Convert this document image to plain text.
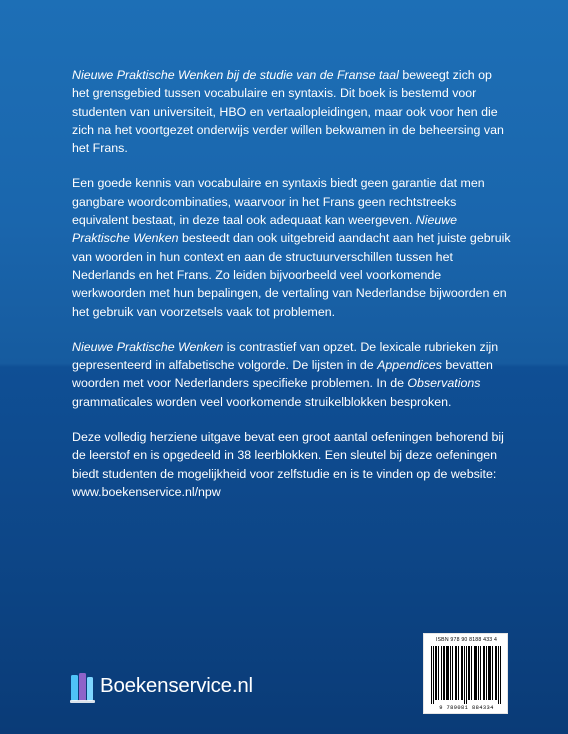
Nieuwe Praktische Wenken bij de studie van de Franse taal beweegt zich op het grensgebied tussen vocabulaire en syntaxis. Dit boek is bestemd voor studenten van universiteit, HBO en vertaalopleidingen, maar ook voor hen die zich na het voortgezet onderwijs verder willen bekwamen in de beheersing van het Frans.

Een goede kennis van vocabulaire en syntaxis biedt geen garantie dat men gangbare woordcombinaties, waarvoor in het Frans geen rechtstreeks equivalent bestaat, in deze taal ook adequaat kan weergeven. Nieuwe Praktische Wenken besteedt dan ook uitgebreid aandacht aan het juiste gebruik van woorden in hun context en aan de structuurverschillen tussen het Nederlands en het Frans. Zo leiden bijvoorbeeld veel voorkomende werkwoorden met hun bepalingen, de vertaling van Nederlandse bijwoorden en het gebruik van voorzetsels vaak tot problemen.

Nieuwe Praktische Wenken is contrastief van opzet. De lexicale rubrieken zijn gepresenteerd in alfabetische volgorde. De lijsten in de Appendices bevatten woorden met voor Nederlanders specifieke problemen. In de Observations grammaticales worden veel voorkomende struikelblokken besproken.

Deze volledig herziene uitgave bevat een groot aantal oefeningen behorend bij de leerstof en is opgedeeld in 38 leerblokken. Een sleutel bij deze oefeningen biedt studenten de mogelijkheid voor zelfstudie en is te vinden op de website: www.boekenservice.nl/npw

ISBN 978 90 8188 433 4
9 789081 884334
Boekenservice.nl
